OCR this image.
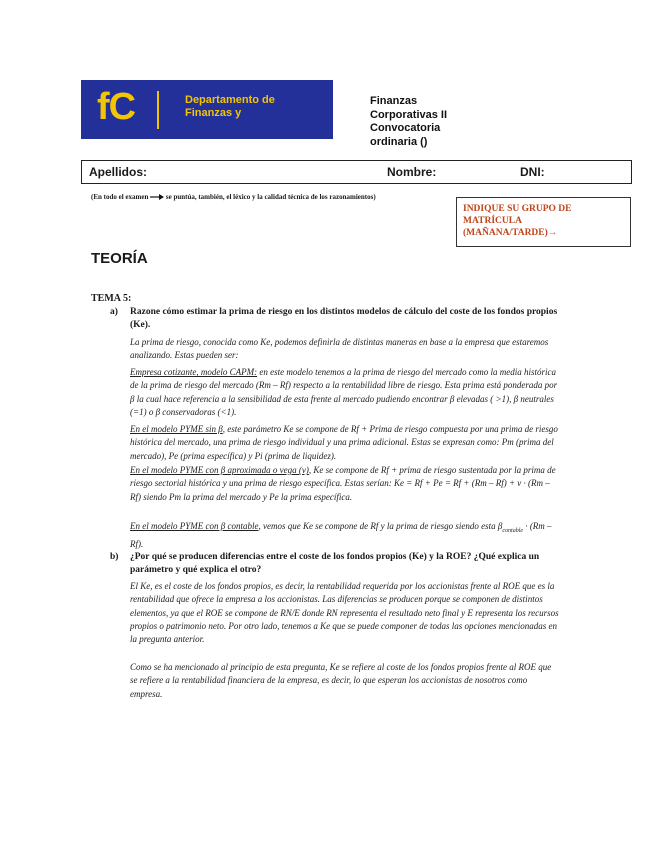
fC	Departamento de
Finanzas y
Finanzas
Corporativas II
Convocatoria
ordinaria ()
Apellidos:	Nombre:	DNI:
(En todo el examen	se puntúa, también, el léxico y la calidad técnica de los razonamientos)
INDIQUE SU GRUPO DE
MATRÍCULA
(MAÑANA/TARDE)→
TEORÍA
TEMA 5:
a) Razone cómo estimar la prima de riesgo en los distintos modelos de cálculo del coste de los fondos propios (Ke).
La prima de riesgo, conocida como Ke, podemos definirla de distintas maneras en base a la empresa que estaremos analizando. Estas pueden ser:
Empresa cotizante, modelo CAPM: en este modelo tenemos a la prima de riesgo del mercado como la media histórica de la prima de riesgo del mercado (Rm – Rf) respecto a la rentabilidad libre de riesgo. Esta prima está ponderada por β la cual hace referencia a la sensibilidad de esta frente al mercado pudiendo encontrar β elevadas ( >1), β neutrales (=1) o β conservadoras (<1).
En el modelo PYME sin β, este parámetro Ke se compone de Rf + Prima de riesgo compuesta por una prima de riesgo histórica del mercado, una prima de riesgo individual y una prima adicional. Estas se expresan como: Pm (prima del mercado), Pe (prima específica) y Pi (prima de liquidez).
En el modelo PYME con β aproximada o vega (v), Ke se compone de Rf + prima de riesgo sustentada por la prima de riesgo sectorial histórica y una prima de riesgo específica. Estas serían: Ke = Rf + Pe = Rf + (Rm – Rf) + v · (Rm – Rf) siendo Pm la prima del mercado y Pe la prima específica.
En el modelo PYME con β contable, vemos que Ke se compone de Rf y la prima de riesgo siendo esta $\beta_{contable} \cdot (Rm - Rf)$.
b) ¿Por qué se producen diferencias entre el coste de los fondos propios (Ke) y la ROE? ¿Qué explica un parámetro y qué explica el otro?
El Ke, es el coste de los fondos propios, es decir, la rentabilidad requerida por los accionistas frente al ROE que es la rentabilidad que ofrece la empresa a los accionistas. Las diferencias se producen porque se componen de distintos elementos, ya que el ROE se compone de RN/E donde RN representa el resultado neto final y E representa los recursos propios o patrimonio neto. Por otro lado, tenemos a Ke que se puede componer de todas las opciones mencionadas en la pregunta anterior.
Como se ha mencionado al principio de esta pregunta, Ke se refiere al coste de los fondos propios frente al ROE que se refiere a la rentabilidad financiera de la empresa, es decir, lo que esperan los accionistas de nosotros como empresa.
